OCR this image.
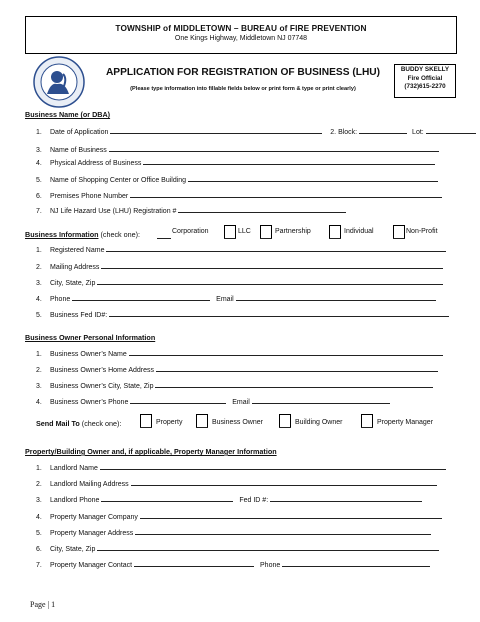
TOWNSHIP of MIDDLETOWN – BUREAU of FIRE PREVENTION
One Kings Highway, Middletown NJ 07748
APPLICATION FOR REGISTRATION OF BUSINESS (LHU)
(Please type information into fillable fields below or print form & type or print clearly)
BUDDY SKELLY
Fire Official
(732)615-2270
Business Name (or DBA)
1. Date of Application	2. Block:	Lot:
3. Name of Business
4. Physical Address of Business
5. Name of Shopping Center or Office Building
6. Premises Phone Number
7. NJ Life Hazard Use (LHU) Registration #
Business Information (check one):	Corporation	LLC	Partnership	Individual	Non-Profit
1. Registered Name
2. Mailing Address
3. City, State, Zip
4. Phone	Email
5. Business Fed ID#:
Business Owner Personal Information
1. Business Owner’s Name
2. Business Owner’s Home Address
3. Business Owner’s City, State, Zip
4. Business Owner’s Phone	Email
Send Mail To (check one):	Property	Business Owner	Building Owner	Property Manager
Property/Building Owner and, if applicable, Property Manager Information
1. Landlord Name
2. Landlord Mailing Address
3. Landlord Phone	Fed ID #:
4. Property Manager Company
5. Property Manager Address
6. City, State, Zip
7. Property Manager Contact	Phone
Page | 1
